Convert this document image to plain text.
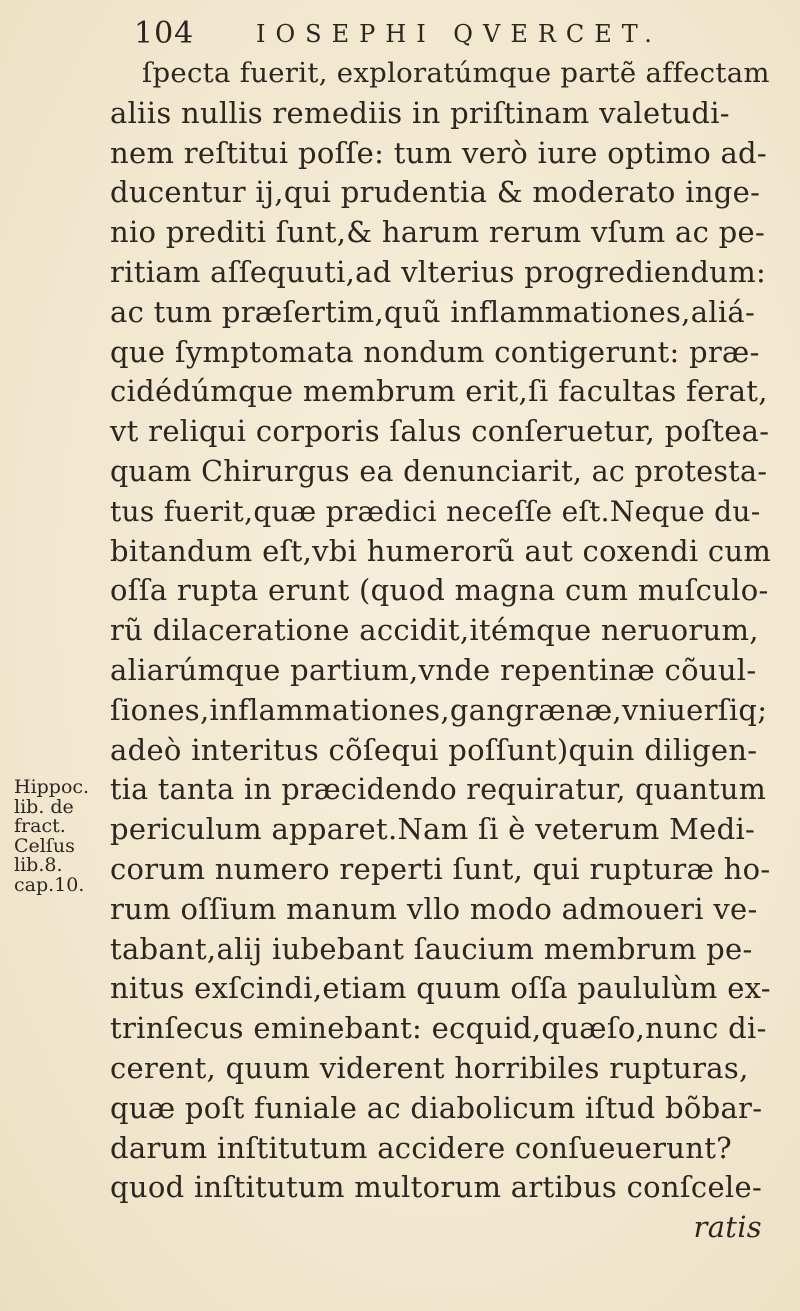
104	IOSEPHI QVERCET.
ſpecta fuerit, exploratúmque partẽ affectam
aliis nullis remediis in priſtinam valetudi-
nem reſtitui poſſe: tum verò iure optimo ad-
ducentur ij,qui prudentia & moderato inge-
nio prediti ſunt,& harum rerum vſum ac pe-
ritiam aſſequuti,ad vlterius progrediendum:
ac tum præſertim,quũ inflammationes,aliá-
que ſymptomata nondum contigerunt: præ-
cidédúmque membrum erit,ſi facultas ferat,
vt reliqui corporis ſalus conſeruetur, poſtea-
quam Chirurgus ea denunciarit, ac protesta-
tus fuerit,quæ prædici neceſſe eſt.Neque du-
bitandum eſt,vbi humerorũ aut coxendi cum
oſſa rupta erunt (quod magna cum muſculo-
rũ dilaceratione accidit,itémque neruorum,
aliarúmque partium,vnde repentinæ cõuul-
ſiones,inflammationes,gangrænæ,vniuerſiq;
adeò interitus cõſequi poſſunt)quin diligen-
tia tanta in præcidendo requiratur, quantum
periculum apparet.Nam ſi è veterum Medi-
corum numero reperti ſunt, qui rupturæ ho-
rum oſſium manum vllo modo admoueri ve-
tabant,alij iubebant ſaucium membrum pe-
nitus exſcindi,etiam quum oſſa paululùm ex-
trinſecus eminebant: ecquid,quæſo,nunc di-
cerent, quum viderent horribiles rupturas,
quæ poſt funiale ac diabolicum iſtud bõbar-
darum inſtitutum accidere conſueuerunt?
quod inſtitutum multorum artibus conſcele-
ratis
Hippoc.
lib. de
fract.
Celſus
lib.8.
cap.10.
